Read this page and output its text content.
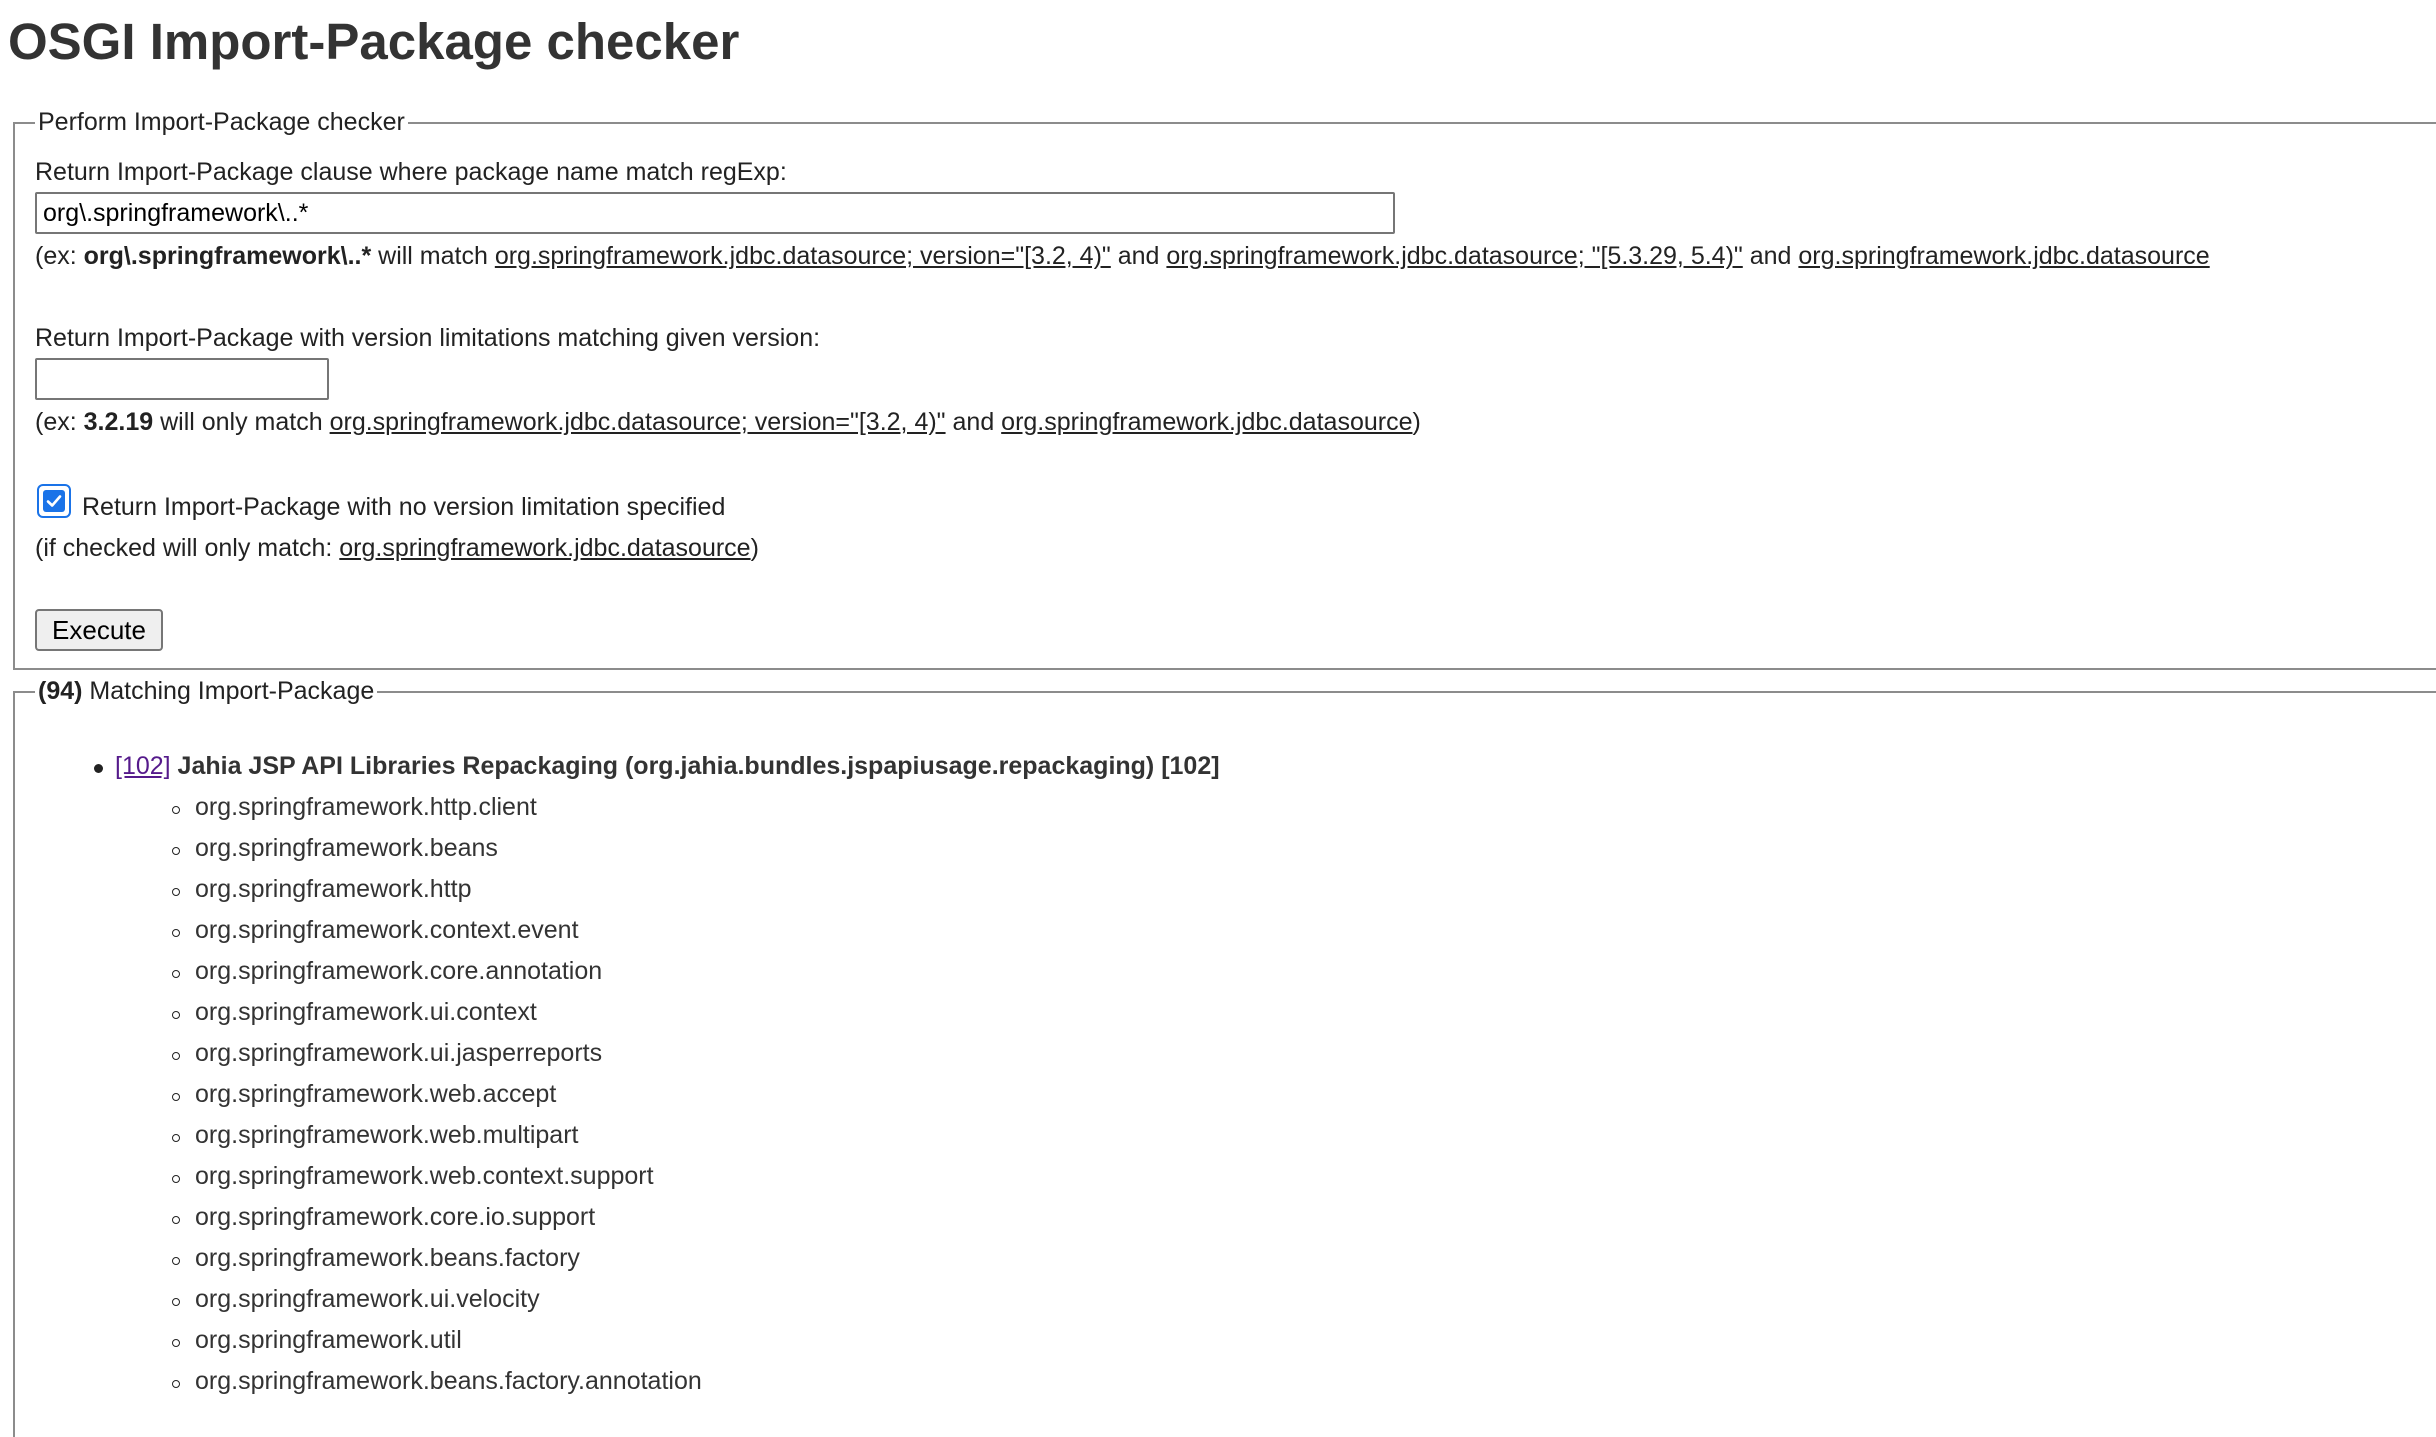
OSGI Import-Package checker
Perform Import-Package checker
Return Import-Package clause where package name match regExp:
org\.springframework\..*
(ex: org\.springframework\..* will match org.springframework.jdbc.datasource; version="[3.2, 4)" and org.springframework.jdbc.datasource; "[5.3.29, 5.4)" and org.springframework.jdbc.datasource
Return Import-Package with version limitations matching given version:
(ex: 3.2.19 will only match org.springframework.jdbc.datasource; version="[3.2, 4)" and org.springframework.jdbc.datasource)
Return Import-Package with no version limitation specified
(if checked will only match: org.springframework.jdbc.datasource)
Execute
(94) Matching Import-Package
[102] Jahia JSP API Libraries Repackaging (org.jahia.bundles.jspapiusage.repackaging) [102]
org.springframework.http.client
org.springframework.beans
org.springframework.http
org.springframework.context.event
org.springframework.core.annotation
org.springframework.ui.context
org.springframework.ui.jasperreports
org.springframework.web.accept
org.springframework.web.multipart
org.springframework.web.context.support
org.springframework.core.io.support
org.springframework.beans.factory
org.springframework.ui.velocity
org.springframework.util
org.springframework.beans.factory.annotation
